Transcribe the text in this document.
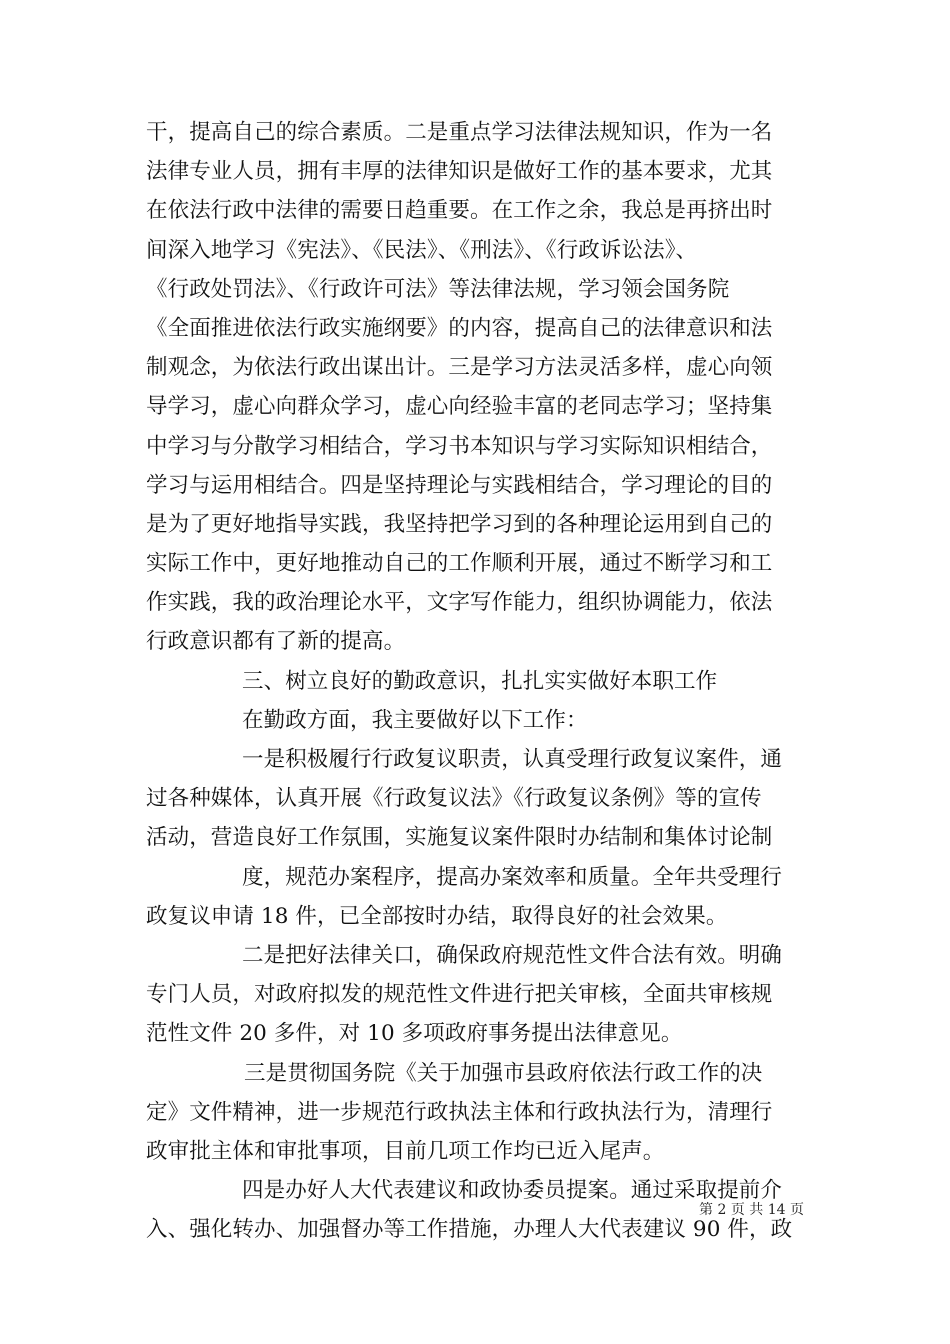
干，提高自己的综合素质。二是重点学习法律法规知识，作为一名
法律专业人员，拥有丰厚的法律知识是做好工作的基本要求，尤其
在依法行政中法律的需要日趋重要。在工作之余，我总是再挤出时
间深入地学习《宪法》、《民法》、《刑法》、《行政诉讼法》、
《行政处罚法》、《行政许可法》等法律法规，学习领会国务院
《全面推进依法行政实施纲要》的内容，提高自己的法律意识和法
制观念，为依法行政出谋出计。三是学习方法灵活多样，虚心向领
导学习，虚心向群众学习，虚心向经验丰富的老同志学习；坚持集
中学习与分散学习相结合，学习书本知识与学习实际知识相结合，
学习与运用相结合。四是坚持理论与实践相结合，学习理论的目的
是为了更好地指导实践，我坚持把学习到的各种理论运用到自己的
实际工作中，更好地推动自己的工作顺利开展，通过不断学习和工
作实践，我的政治理论水平，文字写作能力，组织协调能力，依法
行政意识都有了新的提高。
三、树立良好的勤政意识，扎扎实实做好本职工作
在勤政方面，我主要做好以下工作：
一是积极履行行政复议职责，认真受理行政复议案件，通
过各种媒体，认真开展《行政复议法》《行政复议条例》等的宣传
活动，营造良好工作氛围，实施复议案件限时办结制和集体讨论制
度，规范办案程序，提高办案效率和质量。全年共受理行
政复议申请 18 件，已全部按时办结，取得良好的社会效果。
二是把好法律关口，确保政府规范性文件合法有效。明确
专门人员，对政府拟发的规范性文件进行把关审核，全面共审核规
范性文件 20 多件，对 10 多项政府事务提出法律意见。
三是贯彻国务院《关于加强市县政府依法行政工作的决
定》文件精神，进一步规范行政执法主体和行政执法行为，清理行
政审批主体和审批事项，目前几项工作均已近入尾声。
四是办好人大代表建议和政协委员提案。通过采取提前介
入、强化转办、加强督办等工作措施，办理人大代表建议 90 件，政
第 2 页 共 14 页
